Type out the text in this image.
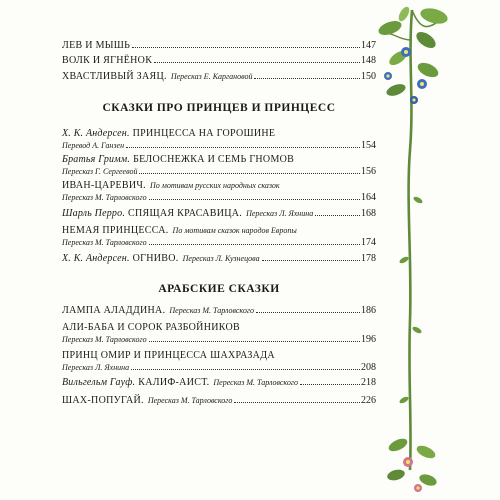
ЛЕВ И МЫШЬ	147
ВОЛК И ЯГНЁНОК	148
ХВАСТЛИВЫЙ ЗАЯЦ. Пересказ Е. Каргановой	150
СКАЗКИ ПРО ПРИНЦЕВ И ПРИНЦЕСС
Х. К. Андерсен. ПРИНЦЕССА НА ГОРОШИНЕ
Перевод А. Ганзен	154
Братья Гримм. БЕЛОСНЕЖКА И СЕМЬ ГНОМОВ
Пересказ Г. Сергеевой	156
ИВАН-ЦАРЕВИЧ. По мотивам русских народных сказок
Пересказ М. Тарловского	164
Шарль Перро. СПЯЩАЯ КРАСАВИЦА. Пересказ Л. Яхнина	168
НЕМАЯ ПРИНЦЕССА. По мотивам сказок народов Европы
Пересказ М. Тарловского	174
Х. К. Андерсен. ОГНИВО. Пересказ Л. Кузнецова	178
АРАБСКИЕ СКАЗКИ
ЛАМПА АЛАДДИНА. Пересказ М. Тарловского	186
АЛИ-БАБА И СОРОК РАЗБОЙНИКОВ
Пересказ М. Тарловского	196
ПРИНЦ ОМИР И ПРИНЦЕССА ШАХРАЗАДА
Пересказ Л. Яхнина	208
Вильгельм Гауф. КАЛИФ-АИСТ. Пересказ М. Тарловского	218
ШАХ-ПОПУГАЙ. Пересказ М. Тарловского	226
